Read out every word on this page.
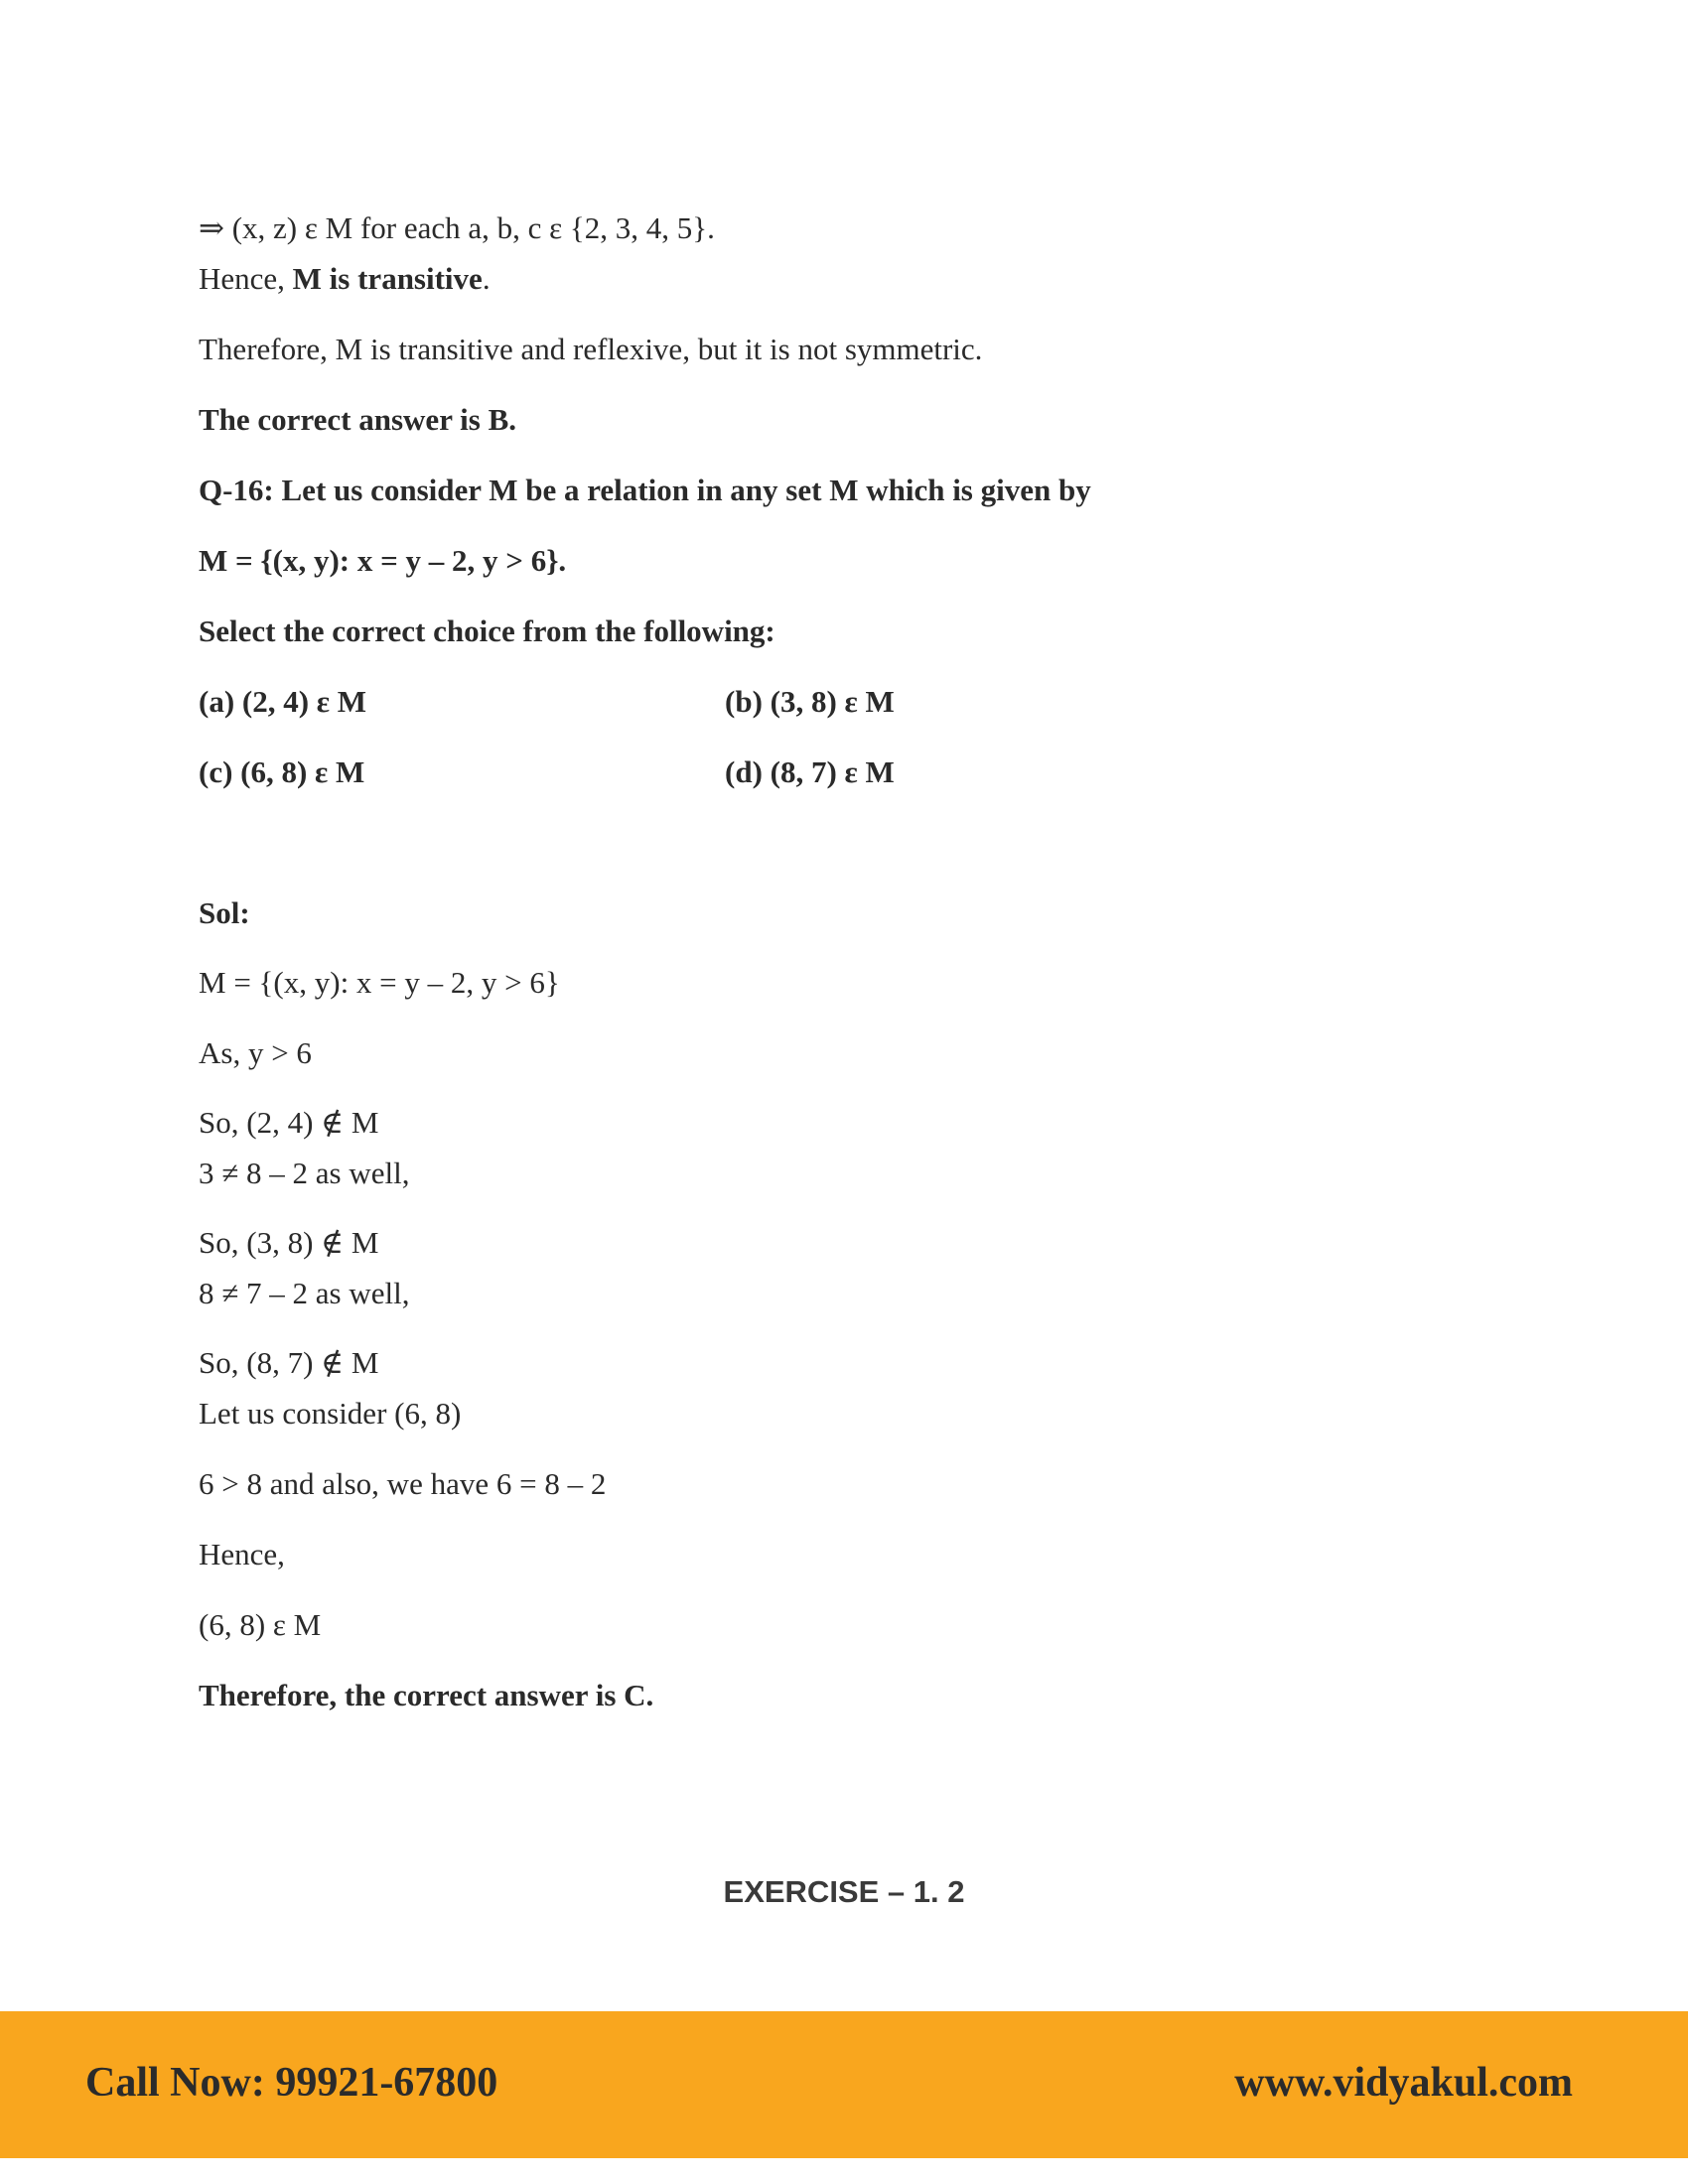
⇒ (x, z) ε M for each a, b, c ε {2, 3, 4, 5}.

Hence, M is transitive.

Therefore, M is transitive and reflexive, but it is not symmetric.

The correct answer is B.

Q-16: Let us consider M be a relation in any set M which is given by

M = {(x, y): x = y – 2, y > 6}.

Select the correct choice from the following:

(a) (2, 4) ε M	(b) (3, 8) ε M
(c) (6, 8) ε M	(d) (8, 7) ε M

Sol:

M = {(x, y): x = y – 2, y > 6}

As, y > 6

So, (2, 4) ∉ M

3 ≠ 8 – 2 as well,

So, (3, 8) ∉ M

8 ≠ 7 – 2 as well,

So, (8, 7) ∉ M

Let us consider (6, 8)

6 > 8 and also, we have 6 = 8 – 2

Hence,

(6, 8) ε M

Therefore, the correct answer is C.

EXERCISE – 1. 2
Call Now: 99921-67800	www.vidyakul.com
